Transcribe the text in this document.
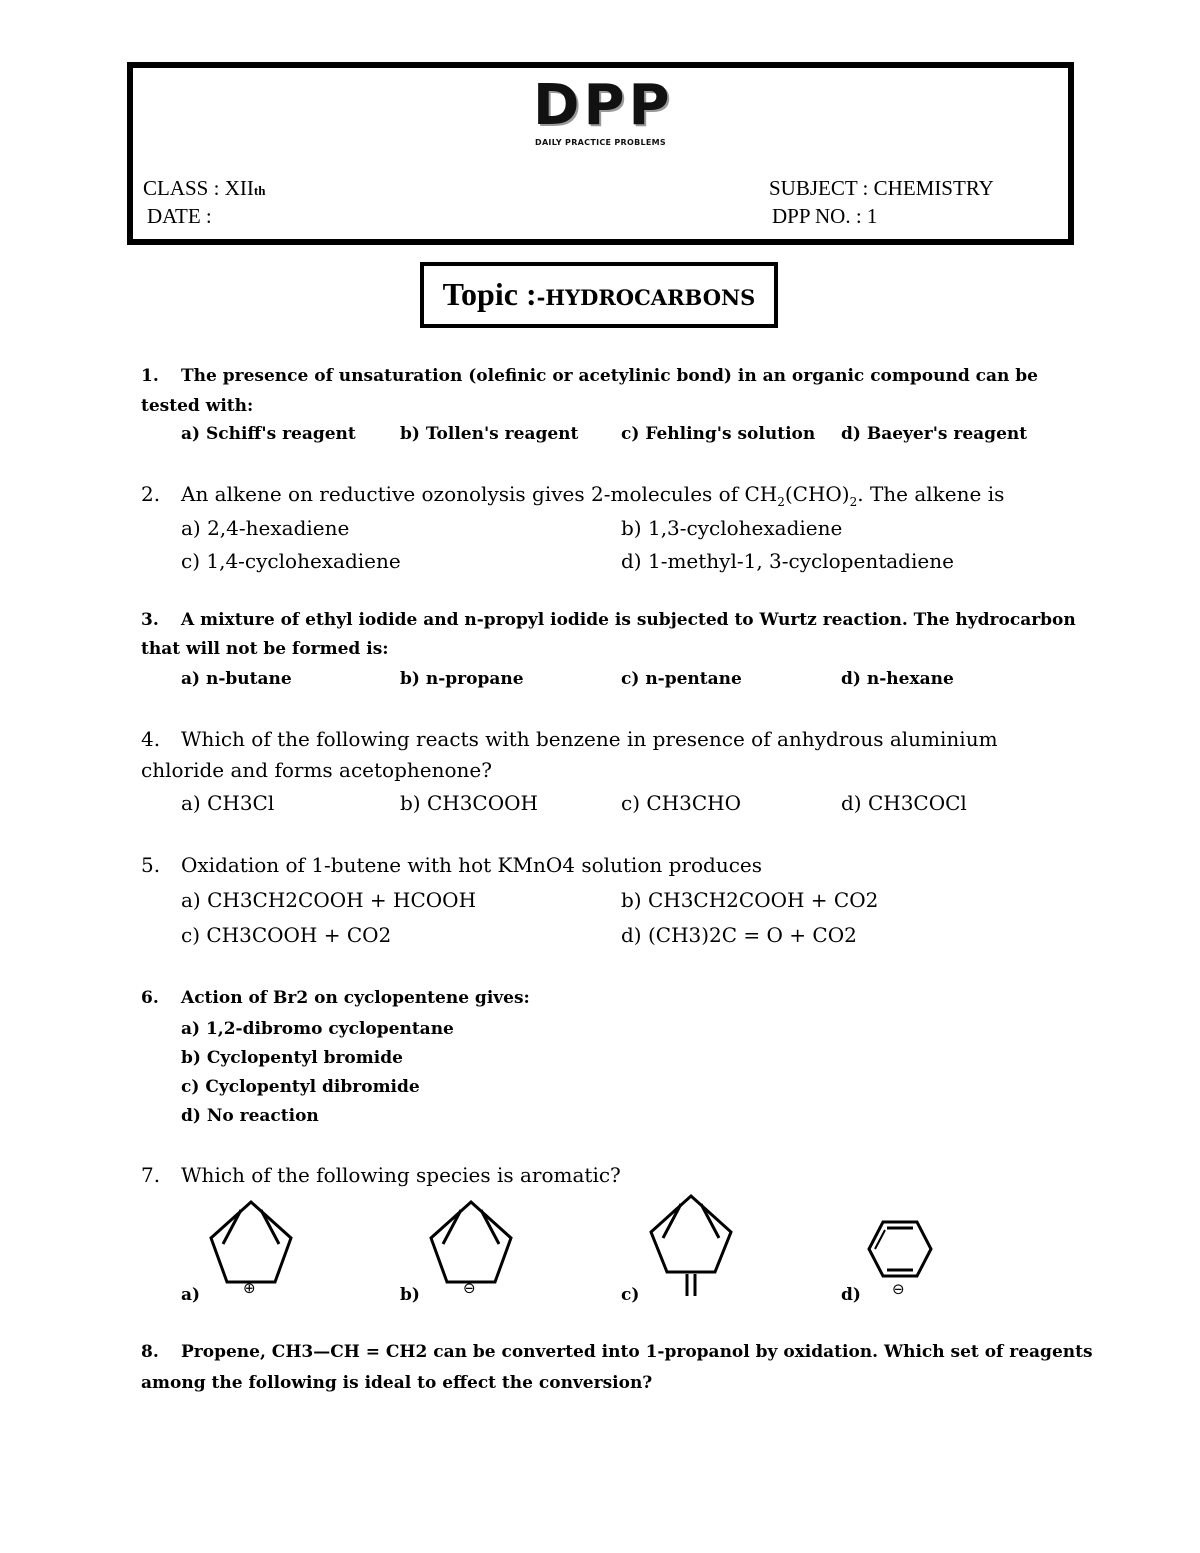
DPP
DAILY PRACTICE PROBLEMS
CLASS : XIIth
DATE :
SUBJECT : CHEMISTRY
DPP NO. : 1
Topic :-HYDROCARBONS
1. The presence of unsaturation (olefinic or acetylinic bond) in an organic compound can be
tested with:
a) Schiff's reagent	b) Tollen's reagent	c) Fehling's solution d) Baeyer's reagent
2. An alkene on reductive ozonolysis gives 2-molecules of $CH_2(CHO)_2$. The alkene is
a) 2,4-hexadiene	b) 1,3-cyclohexadiene
c) 1,4-cyclohexadiene	d) 1-methyl-1, 3-cyclopentadiene
3. A mixture of ethyl iodide and n-propyl iodide is subjected to Wurtz reaction. The hydrocarbon
that will not be formed is:
a) n-butane	b) n-propane	c) n-pentane	d) n-hexane
4. Which of the following reacts with benzene in presence of anhydrous aluminium
chloride and forms acetophenone?
a) CH3Cl	b) CH3COOH	c) CH3CHO	d) CH3COCl
5. Oxidation of 1-butene with hot KMnO4 solution produces
a) CH3CH2COOH + HCOOH	b) CH3CH2COOH + CO2
c) CH3COOH + CO2	d) (CH3)2C = O + CO2
6. Action of Br2 on cyclopentene gives:
a) 1,2-dibromo cyclopentane
b) Cyclopentyl bromide
c) Cyclopentyl dibromide
d) No reaction
7. Which of the following species is aromatic?
⊕
a)	⊖
b)	c)	⊖
d)
8. Propene, CH3—CH = CH2 can be converted into 1-propanol by oxidation. Which set of reagents
among the following is ideal to effect the conversion?
